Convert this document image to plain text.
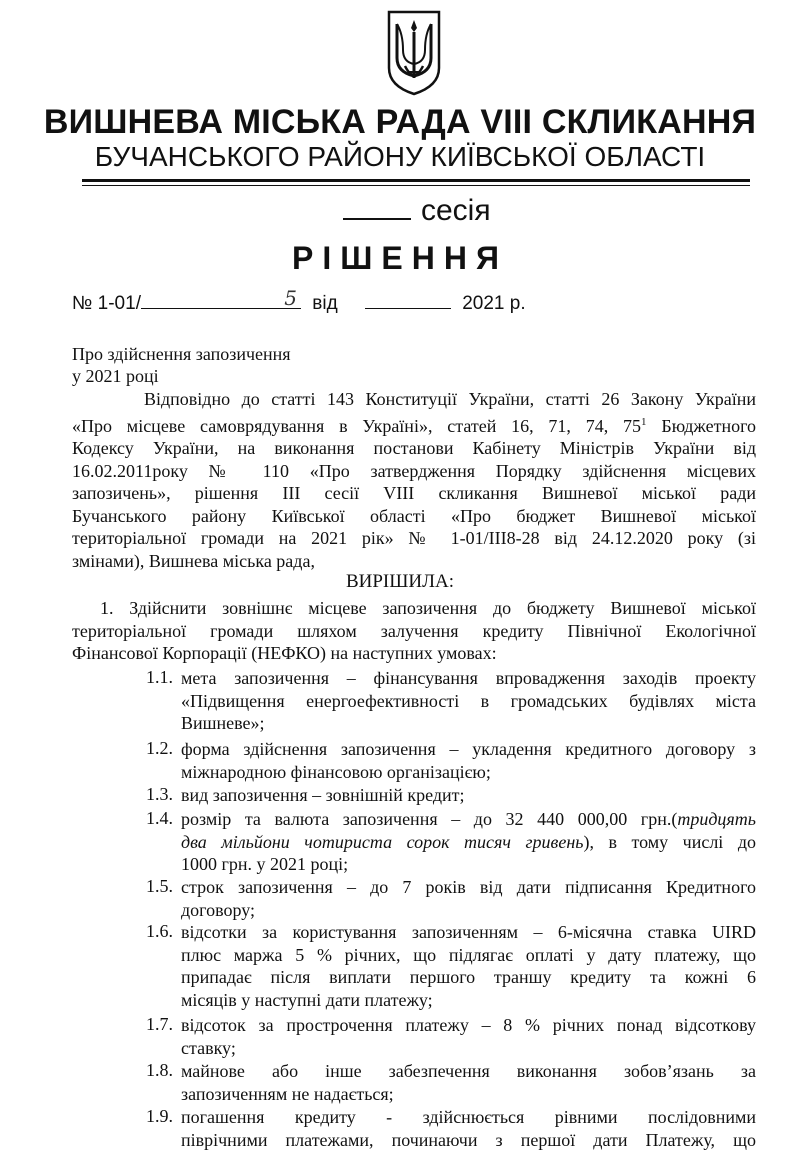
ВИШНЕВА МІСЬКА РАДА VIII СКЛИКАННЯ
БУЧАНСЬКОГО РАЙОНУ КИЇВСЬКОЇ ОБЛАСТІ
сесія
РІШЕННЯ
№ 1-01/	5 від	2021 р.
Про здійснення запозичення
у 2021 році
Відповідно до статті 143 Конституції України, статті 26 Закону України
«Про місцеве самоврядування в Україні», статей 16, 71, 74, $75^1$ Бюджетного
Кодексу України, на виконання постанови Кабінету Міністрів України від
16.02.2011року № 110 «Про затвердження Порядку здійснення місцевих
запозичень», рішення ІІІ сесії VІІІ скликання Вишневої міської ради
Бучанського району Київської області «Про бюджет Вишневої міської
територіальної громади на 2021 рік» № 1-01/ІІІ8-28 від 24.12.2020 року (зі
змінами), Вишнева міська рада,
ВИРІШИЛА:
1. Здійснити зовнішнє місцеве запозичення до бюджету Вишневої міської
територіальної громади шляхом залучення кредиту Північної Екологічної
Фінансової Корпорації (НЕФКО) на наступних умовах:
1.1. мета запозичення – фінансування впровадження заходів проекту
«Підвищення енергоефективності в громадських будівлях міста
Вишневе»;
1.2. форма здійснення запозичення – укладення кредитного договору з
міжнародною фінансовою організацією;
1.3. вид запозичення – зовнішній кредит;
1.4. розмір та валюта запозичення – до 32 440 000,00 грн.(тридцять
два мільйони чотириста сорок тисяч гривень), в тому числі до
1000 грн. у 2021 році;
1.5. строк запозичення – до 7 років від дати підписання Кредитного
договору;
1.6. відсотки за користування запозиченням – 6-місячна ставка UIRD
плюс маржа 5 % річних, що підлягає оплаті у дату платежу, що
припадає після виплати першого траншу кредиту та кожні 6
місяців у наступні дати платежу;
1.7. відсоток за прострочення платежу – 8 % річних понад відсоткову
ставку;
1.8. майнове або інше забезпечення виконання зобов’язань за
запозиченням не надається;
1.9. погашення кредиту - здійснюється рівними послідовними
піврічними платежами, починаючи з першої дати Платежу, що
